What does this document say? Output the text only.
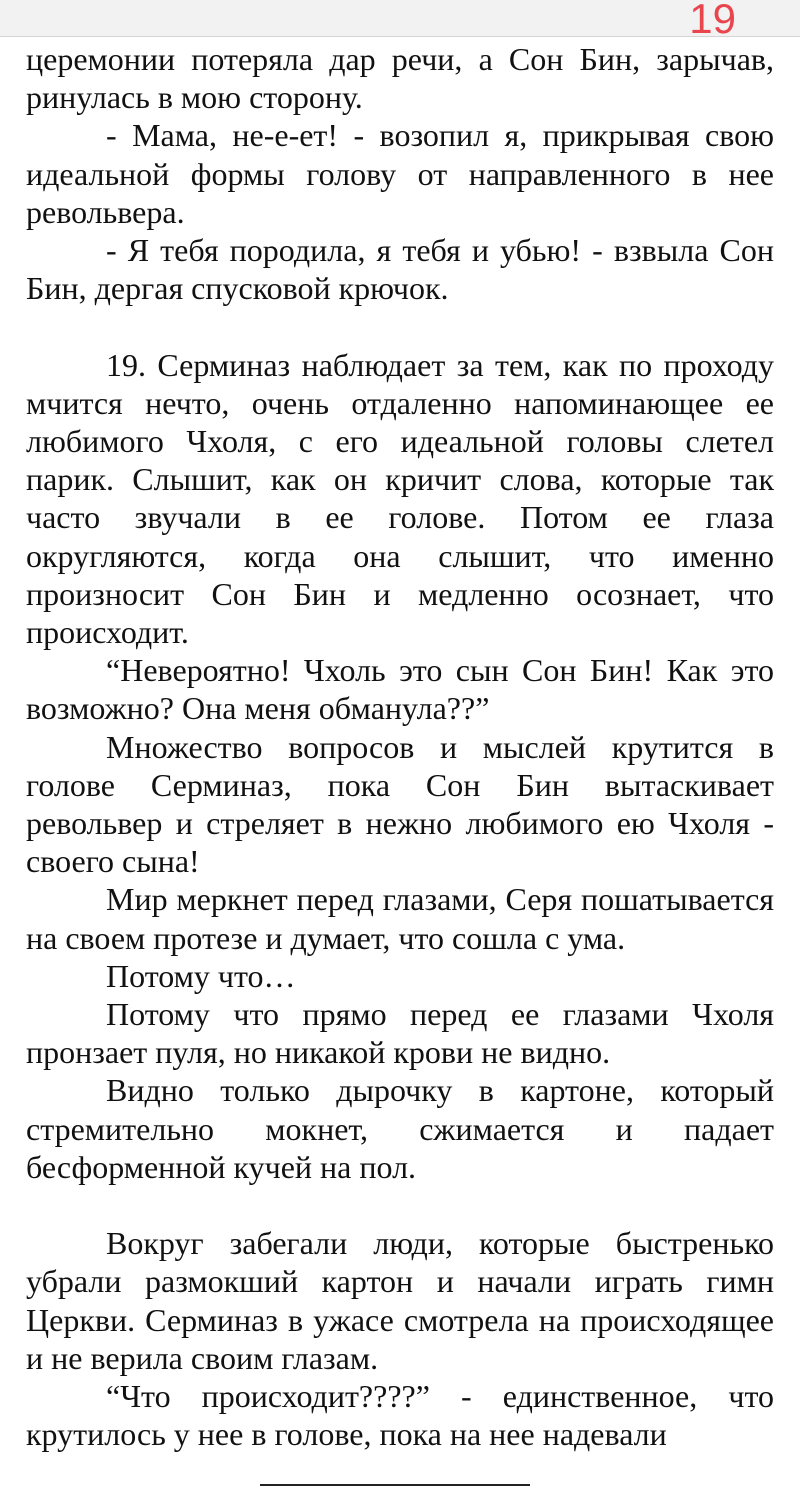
19

церемонии потеряла дар речи, а Сон Бин, зарычав, ринулась в мою сторону.

- Мама, не-е-ет! - возопил я, прикрывая свою идеальной формы голову от направленного в нее револьвера.

- Я тебя породила, я тебя и убью! - взвыла Сон Бин, дергая спусковой крючок.

19. Серминаз наблюдает за тем, как по проходу мчится нечто, очень отдаленно напоминающее ее любимого Чхоля, с его идеальной головы слетел парик. Слышит, как он кричит слова, которые так часто звучали в ее голове. Потом ее глаза округляются, когда она слышит, что именно произносит Сон Бин и медленно осознает, что происходит.

“Невероятно! Чхоль это сын Сон Бин! Как это возможно? Она меня обманула??”

Множество вопросов и мыслей крутится в голове Серминаз, пока Сон Бин вытаскивает револьвер и стреляет в нежно любимого ею Чхоля - своего сына!

Мир меркнет перед глазами, Серя пошатывается на своем протезе и думает, что сошла с ума.

Потому что…

Потому что прямо перед ее глазами Чхоля пронзает пуля, но никакой крови не видно.

Видно только дырочку в картоне, который стремительно мокнет, сжимается и падает бесформенной кучей на пол.

Вокруг забегали люди, которые быстренько убрали размокший картон и начали играть гимн Церкви. Серминаз в ужасе смотрела на происходящее и не верила своим глазам.

“Что происходит????” - единственное, что крутилось у нее в голове, пока на нее надевали
